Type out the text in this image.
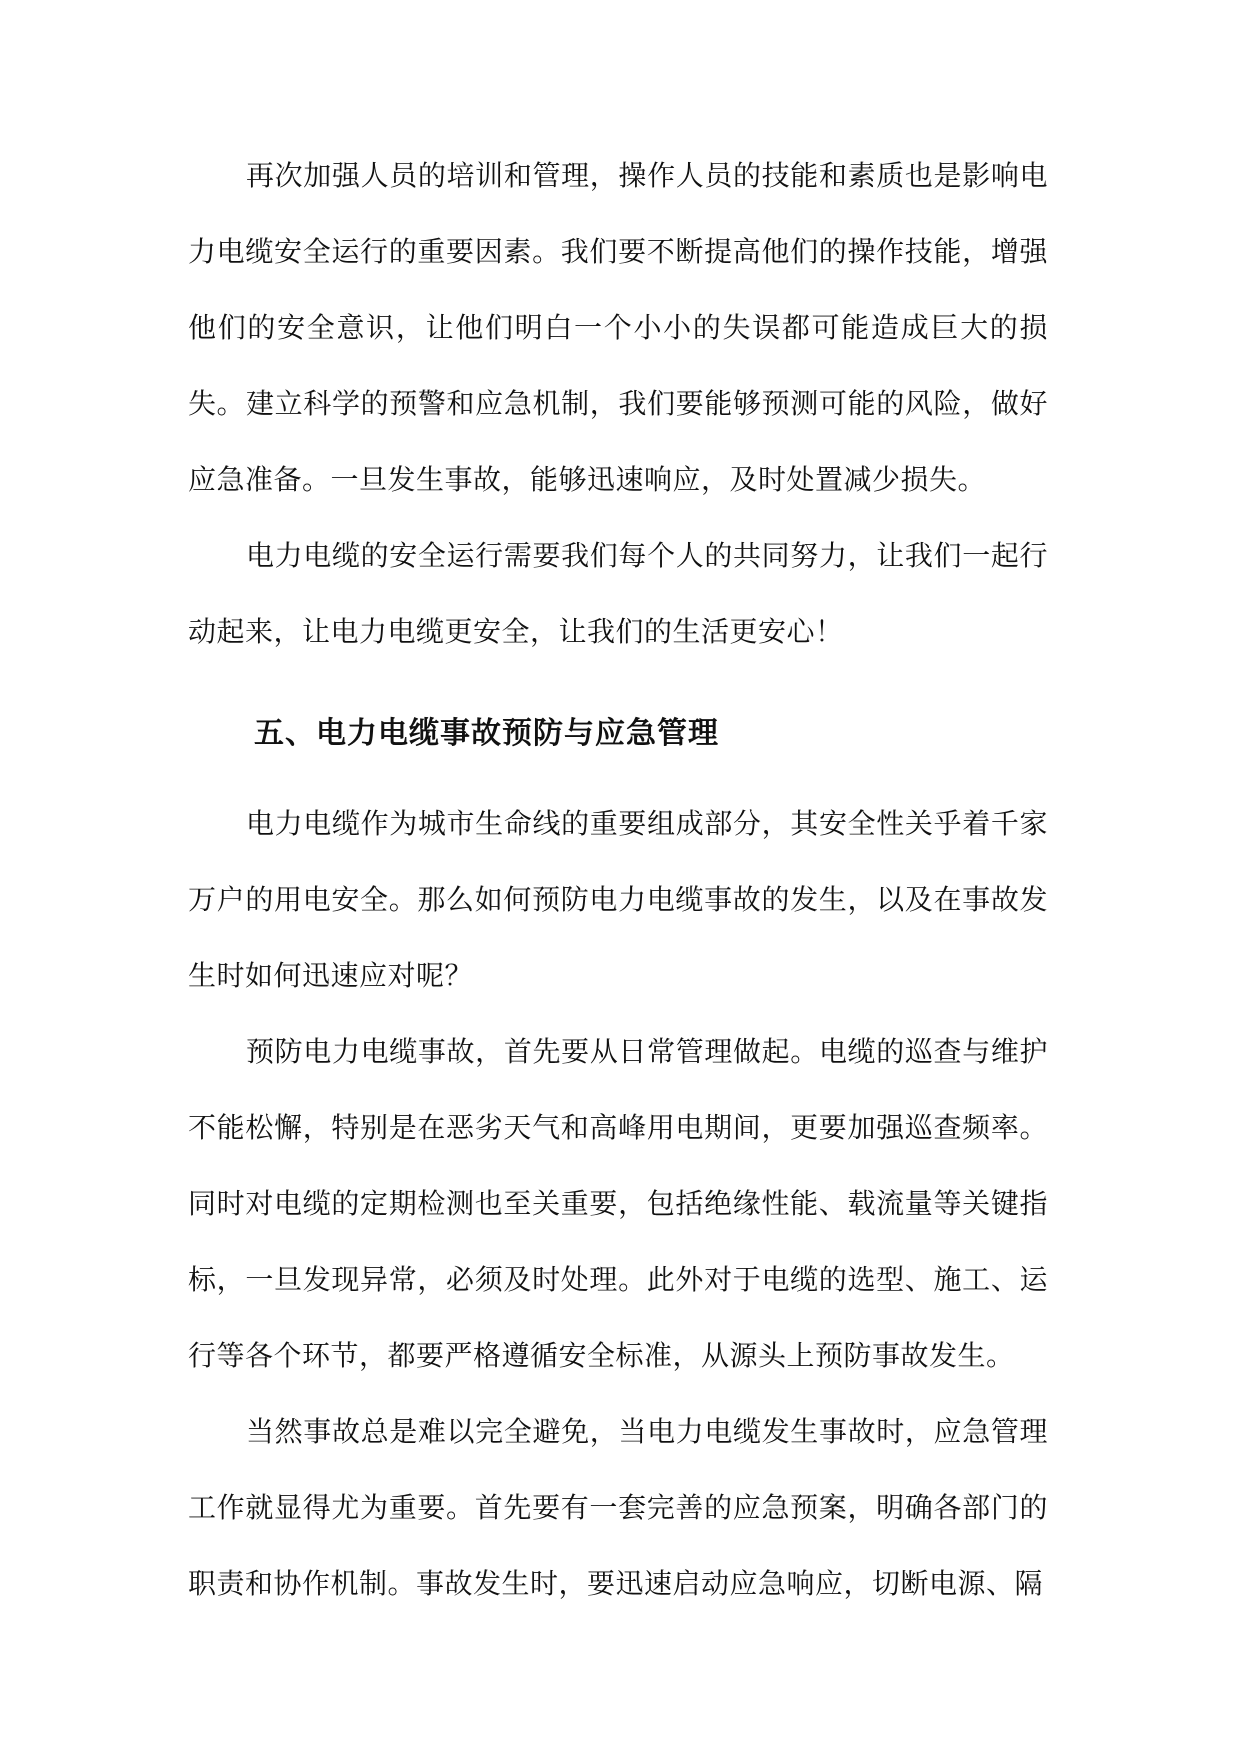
再次加强人员的培训和管理，操作人员的技能和素质也是影响电力电缆安全运行的重要因素。我们要不断提高他们的操作技能，增强他们的安全意识，让他们明白一个小小的失误都可能造成巨大的损失。 建立科学的预警和应急机制，我们要能够预测可能的风险，做好应急准备。一旦发生事故，能够迅速响应，及时处置减少损失。

电力电缆的安全运行需要我们每个人的共同努力，让我们一起行动起来，让电力电缆更安全，让我们的生活更安心！

五、电力电缆事故预防与应急管理

电力电缆作为城市生命线的重要组成部分，其安全性关乎着千家万户的用电安全。那么如何预防电力电缆事故的发生，以及在事故发生时如何迅速应对呢？

预防电力电缆事故，首先要从日常管理做起。电缆的巡查与维护不能松懈，特别是在恶劣天气和高峰用电期间，更要加强巡查频率。同时对电缆的定期检测也至关重要，包括绝缘性能、载流量等关键指标，一旦发现异常，必须及时处理。此外对于电缆的选型、施工、运行等各个环节，都要严格遵循安全标准，从源头上预防事故发生。

当然事故总是难以完全避免，当电力电缆发生事故时，应急管理工作就显得尤为重要。首先要有一套完善的应急预案，明确各部门的职责和协作机制。事故发生时，要迅速启动应急响应，切断电源、隔
